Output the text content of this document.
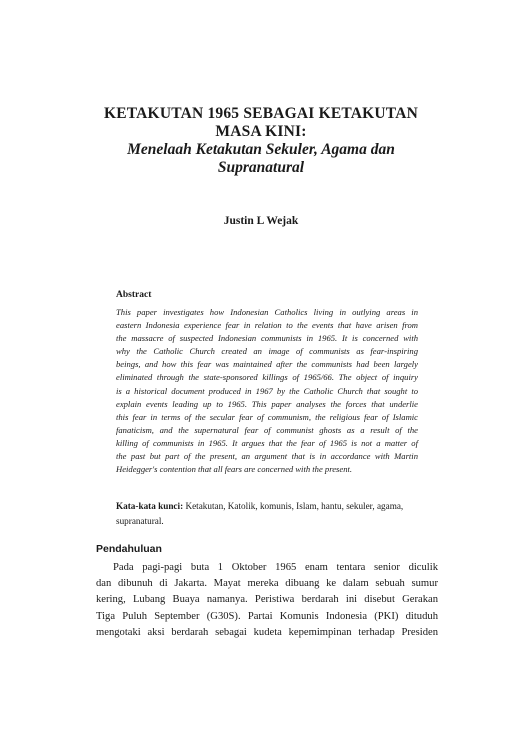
KETAKUTAN 1965 SEBAGAI KETAKUTAN
MASA KINI:
Menelaah Ketakutan Sekuler, Agama dan
Supranatural
Justin L Wejak
Abstract
This paper investigates how Indonesian Catholics living in outlying areas in
eastern Indonesia experience fear in relation to the events that have arisen from
the massacre of suspected Indonesian communists in 1965. It is concerned with
why the Catholic Church created an image of communists as fear-inspiring
beings, and how this fear was maintained after the communists had been largely
eliminated through the state-sponsored killings of 1965/66. The object of inquiry
is a historical document produced in 1967 by the Catholic Church that sought to
explain events leading up to 1965. This paper analyses the forces that underlie
this fear in terms of the secular fear of communism, the religious fear of Islamic
fanaticism, and the supernatural fear of communist ghosts as a result of the
killing of communists in 1965. It argues that the fear of 1965 is not a matter of
the past but part of the present, an argument that is in accordance with Martin
Heidegger's contention that all fears are concerned with the present.
Kata-kata kunci: Ketakutan, Katolik, komunis, Islam, hantu, sekuler, agama, supranatural.
Pendahuluan
Pada pagi-pagi buta 1 Oktober 1965 enam tentara senior diculik
dan dibunuh di Jakarta. Mayat mereka dibuang ke dalam sebuah sumur
kering, Lubang Buaya namanya. Peristiwa berdarah ini disebut Gerakan
Tiga Puluh September (G30S). Partai Komunis Indonesia (PKI) dituduh
mengotaki aksi berdarah sebagai kudeta kepemimpinan terhadap Presiden
